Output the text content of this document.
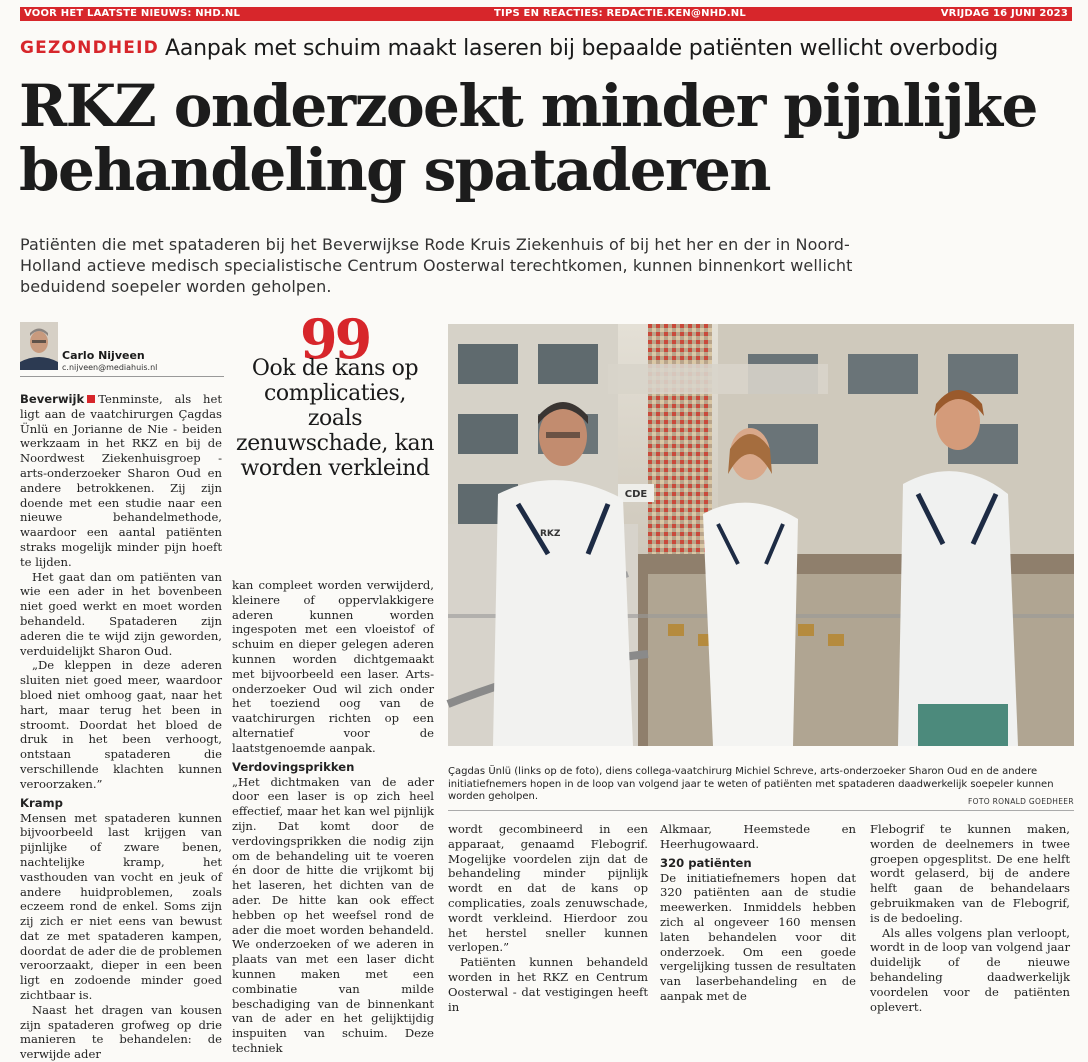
VOOR HET LAATSTE NIEUWS: NHD.NL	TIPS EN REACTIES: REDACTIE.KEN@NHD.NL	VRIJDAG 16 JUNI 2023
GEZONDHEID Aanpak met schuim maakt laseren bij bepaalde patiënten wellicht overbodig
RKZ onderzoekt minder pijnlijke
behandeling spataderen

Patiënten die met spataderen bij het Beverwijkse Rode Kruis Ziekenhuis of bij het her en der in Noord-Holland actieve medisch specialistische Centrum Oosterwal terechtkomen, kunnen binnenkort wellicht beduidend soepeler worden geholpen.

Carlo Nijveen
c.nijveen@mediahuis.nl	99
Ook de kans op complicaties, zoals zenuwschade, kan worden verkleind

Beverwijk Tenminste, als het ligt aan de vaatchirurgen Çagdas Ünlü en Jorianne de Nie - beiden werkzaam in het RKZ en bij de Noordwest Ziekenhuisgroep - arts-onderzoeker Sharon Oud en andere betrokkenen. Zij zijn doende met een studie naar een nieuwe behandelmethode, waardoor een aantal patiënten straks mogelijk minder pijn hoeft te lijden.

Het gaat dan om patiënten van wie een ader in het bovenbeen niet goed werkt en moet worden behandeld. Spataderen zijn aderen die te wijd zijn geworden, verduidelijkt Sharon Oud.

„De kleppen in deze aderen sluiten niet goed meer, waardoor bloed niet omhoog gaat, naar het hart, maar terug het been in stroomt. Doordat het bloed de druk in het been verhoogt, ontstaan spataderen die verschillende klachten kunnen veroorzaken.”

Kramp

Mensen met spataderen kunnen bijvoorbeeld last krijgen van pijnlijke of zware benen, nachtelijke kramp, het vasthouden van vocht en jeuk of andere huidproblemen, zoals eczeem rond de enkel. Soms zijn zij zich er niet eens van bewust dat ze met spataderen kampen, doordat de ader die de problemen veroorzaakt, dieper in een been ligt en zodoende minder goed zichtbaar is.

Naast het dragen van kousen zijn spataderen grofweg op drie manieren te behandelen: de verwijde ader

kan compleet worden verwijderd, kleinere of oppervlakkigere aderen kunnen worden ingespoten met een vloeistof of schuim en dieper gelegen aderen kunnen worden dichtgemaakt met bijvoorbeeld een laser. Arts-onderzoeker Oud wil zich onder het toeziend oog van de vaatchirurgen richten op een alternatief voor de laatstgenoemde aanpak.

Verdovingsprikken

„Het dichtmaken van de ader door een laser is op zich heel effectief, maar het kan wel pijnlijk zijn. Dat komt door de verdovingsprikken die nodig zijn om de behandeling uit te voeren én door de hitte die vrijkomt bij het laseren, het dichten van de ader. De hitte kan ook effect hebben op het weefsel rond de ader die moet worden behandeld. We onderzoeken of we aderen in plaats van met een laser dicht kunnen maken met een combinatie van milde beschadiging van de binnenkant van de ader en het gelijktijdig inspuiten van schuim. Deze techniek

CDE
RKZ

Çagdas Ünlü (links op de foto), diens collega-vaatchirurg Michiel Schreve, arts-onderzoeker Sharon Oud en de andere initiatiefnemers hopen in de loop van volgend jaar te weten of patiënten met spataderen daadwerkelijk soepeler kunnen worden geholpen.	FOTO RONALD GOEDHEER

wordt gecombineerd in een apparaat, genaamd Flebogrif. Mogelijke voordelen zijn dat de behandeling minder pijnlijk wordt en dat de kans op complicaties, zoals zenuwschade, wordt verkleind. Hierdoor zou het herstel sneller kunnen verlopen.”

Patiënten kunnen behandeld worden in het RKZ en Centrum Oosterwal - dat vestigingen heeft in

Alkmaar, Heemstede en Heerhugowaard.

320 patiënten

De initiatiefnemers hopen dat 320 patiënten aan de studie meewerken. Inmiddels hebben zich al ongeveer 160 mensen laten behandelen voor dit onderzoek. Om een goede vergelijking tussen de resultaten van laserbehandeling en de aanpak met de

Flebogrif te kunnen maken, worden de deelnemers in twee groepen opgesplitst. De ene helft wordt gelaserd, bij de andere helft gaan de behandelaars gebruikmaken van de Flebogrif, is de bedoeling.

Als alles volgens plan verloopt, wordt in de loop van volgend jaar duidelijk of de nieuwe behandeling daadwerkelijk voordelen voor de patiënten oplevert.
